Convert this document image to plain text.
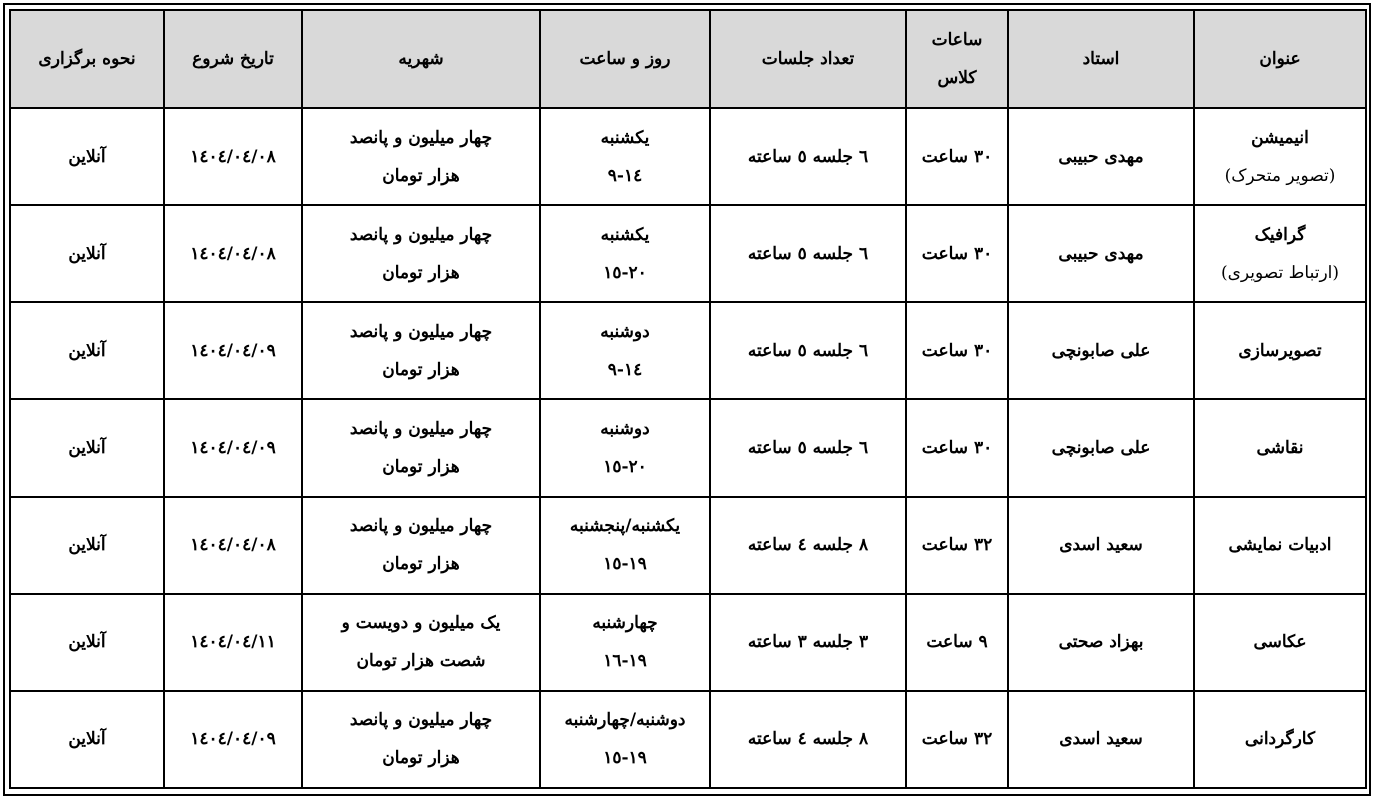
عنوان	استاد	ساعات
کلاس	تعداد جلسات	روز و ساعت	شهریه	تاریخ شروع	نحوه برگزاری

انیمیشن
(تصویر متحرک)	مهدی حبیبی	۳۰ ساعت	٦ جلسه ٥ ساعته	یکشنبه
۹-۱٤	چهار میلیون و پانصد
هزار تومان	۱٤۰٤/۰٤/۰۸	آنلاین

گرافیک
(ارتباط تصویری)	مهدی حبیبی	۳۰ ساعت	٦ جلسه ٥ ساعته	یکشنبه
۱٥-۲۰	چهار میلیون و پانصد
هزار تومان	۱٤۰٤/۰٤/۰۸	آنلاین

تصویرسازی	علی صابونچی	۳۰ ساعت	٦ جلسه ٥ ساعته	دوشنبه
۹-۱٤	چهار میلیون و پانصد
هزار تومان	۱٤۰٤/۰٤/۰۹	آنلاین

نقاشی	علی صابونچی	۳۰ ساعت	٦ جلسه ٥ ساعته	دوشنبه
۱٥-۲۰	چهار میلیون و پانصد
هزار تومان	۱٤۰٤/۰٤/۰۹	آنلاین

ادبیات نمایشی	سعید اسدی	۳۲ ساعت	۸ جلسه ٤ ساعته	یکشنبه/پنجشنبه
۱٥-۱۹	چهار میلیون و پانصد
هزار تومان	۱٤۰٤/۰٤/۰۸	آنلاین

عکاسی	بهزاد صحتی	۹ ساعت	۳ جلسه ۳ ساعته	چهارشنبه
۱٦-۱۹	یک میلیون و دویست و
شصت هزار تومان	۱٤۰٤/۰٤/۱۱	آنلاین

کارگردانی	سعید اسدی	۳۲ ساعت	۸ جلسه ٤ ساعته	دوشنبه/چهارشنبه
۱٥-۱۹	چهار میلیون و پانصد
هزار تومان	۱٤۰٤/۰٤/۰۹	آنلاین
